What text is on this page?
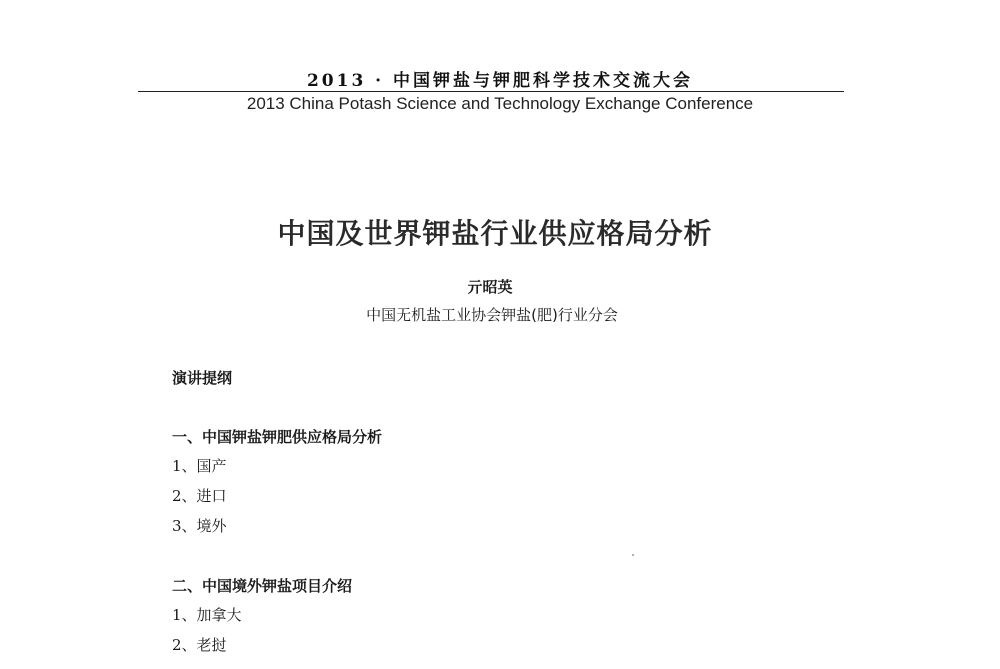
2013 · 中国钾盐与钾肥科学技术交流大会
2013 China Potash Science and Technology Exchange Conference
中国及世界钾盐行业供应格局分析
亓昭英
中国无机盐工业协会钾盐(肥)行业分会
演讲提纲
一、中国钾盐钾肥供应格局分析
1、国产
2、进口
3、境外
二、中国境外钾盐项目介绍
1、加拿大
2、老挝
